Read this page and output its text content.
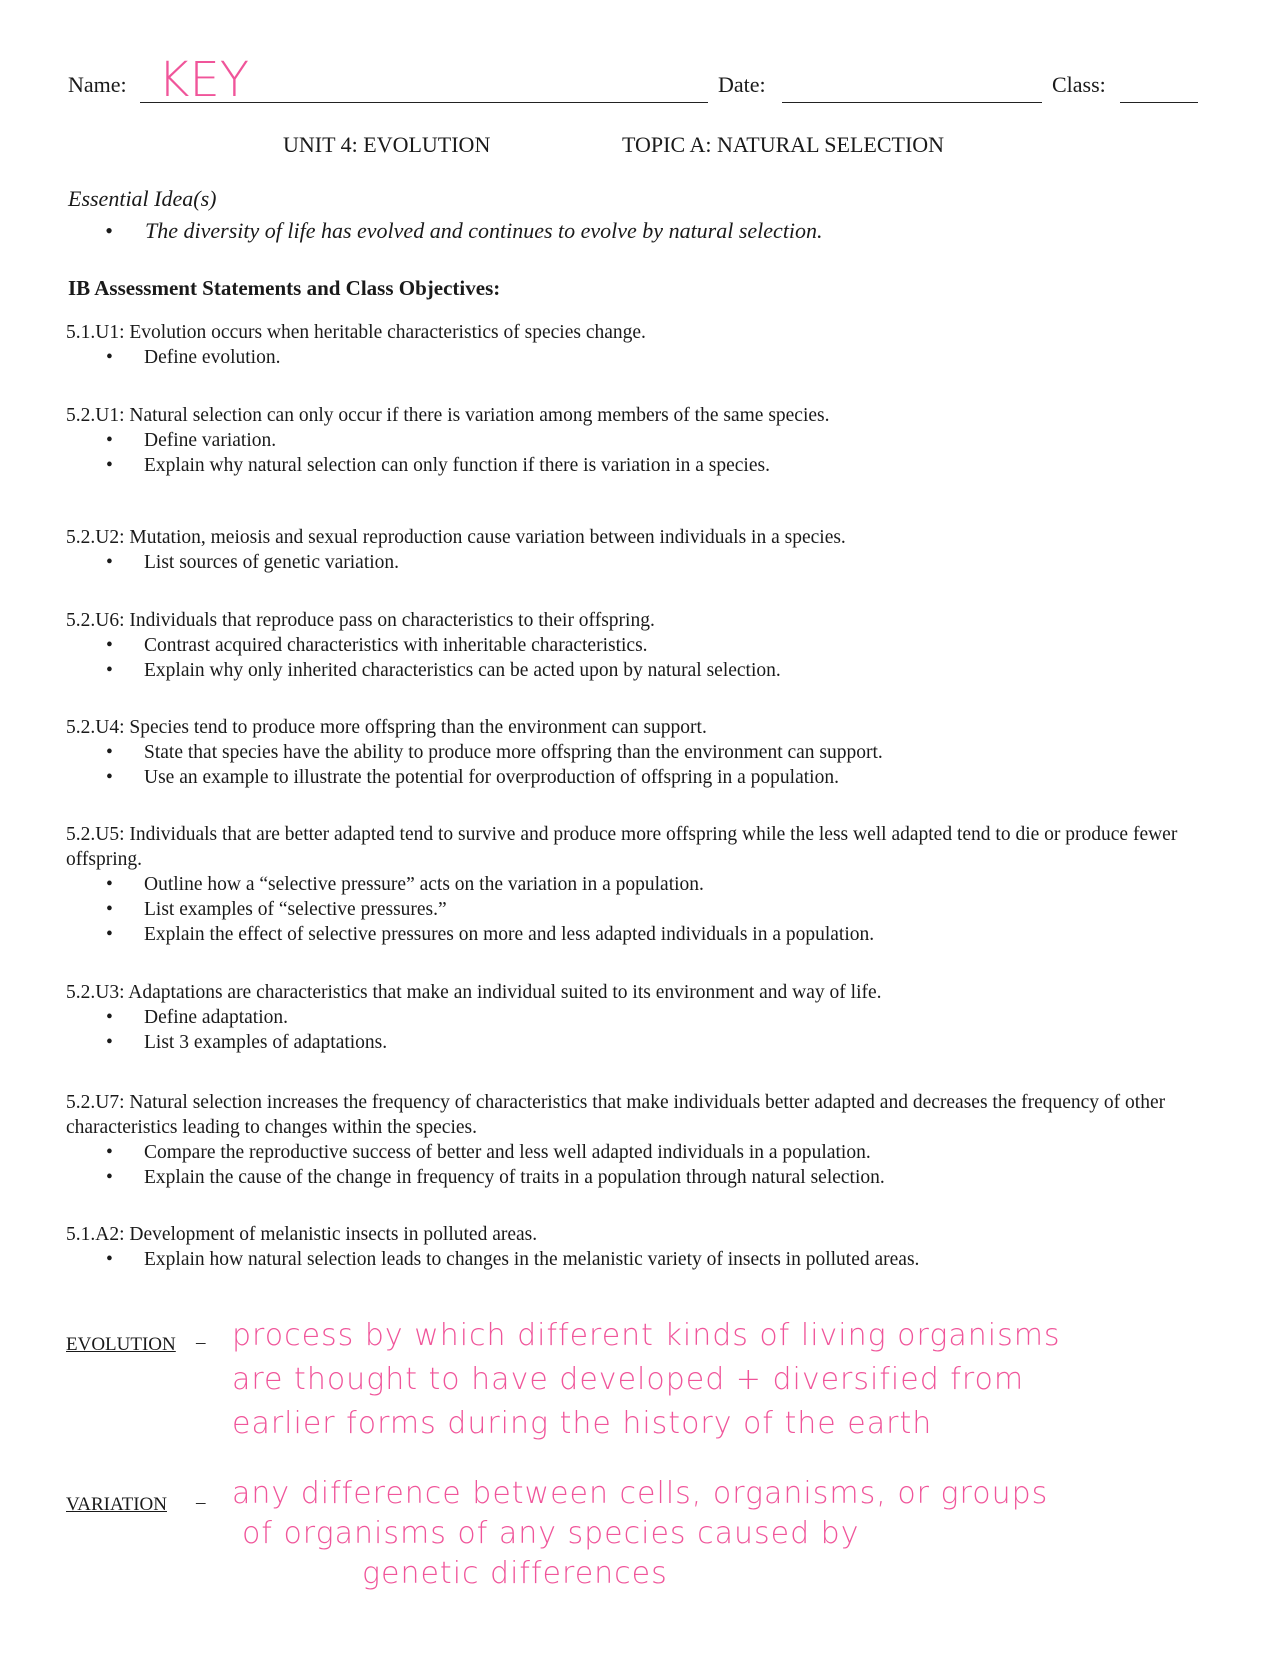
Name: KEY	Date:	Class:
UNIT 4: EVOLUTION	TOPIC A: NATURAL SELECTION
Essential Idea(s)
• The diversity of life has evolved and continues to evolve by natural selection.
IB Assessment Statements and Class Objectives:
5.1.U1: Evolution occurs when heritable characteristics of species change.
• Define evolution.
5.2.U1: Natural selection can only occur if there is variation among members of the same species.
• Define variation.
• Explain why natural selection can only function if there is variation in a species.
5.2.U2: Mutation, meiosis and sexual reproduction cause variation between individuals in a species.
• List sources of genetic variation.
5.2.U6: Individuals that reproduce pass on characteristics to their offspring.
• Contrast acquired characteristics with inheritable characteristics.
• Explain why only inherited characteristics can be acted upon by natural selection.
5.2.U4: Species tend to produce more offspring than the environment can support.
• State that species have the ability to produce more offspring than the environment can support.
• Use an example to illustrate the potential for overproduction of offspring in a population.
5.2.U5: Individuals that are better adapted tend to survive and produce more offspring while the less well adapted tend to die or produce fewer offspring.
• Outline how a “selective pressure” acts on the variation in a population.
• List examples of “selective pressures.”
• Explain the effect of selective pressures on more and less adapted individuals in a population.
5.2.U3: Adaptations are characteristics that make an individual suited to its environment and way of life.
• Define adaptation.
• List 3 examples of adaptations.
5.2.U7: Natural selection increases the frequency of characteristics that make individuals better adapted and decreases the frequency of other characteristics leading to changes within the species.
• Compare the reproductive success of better and less well adapted individuals in a population.
• Explain the cause of the change in frequency of traits in a population through natural selection.
5.1.A2: Development of melanistic insects in polluted areas.
• Explain how natural selection leads to changes in the melanistic variety of insects in polluted areas.
EVOLUTION – process by which different kinds of living organisms
are thought to have developed + diversified from
earlier forms during the history of the earth
VARIATION – any difference between cells, organisms, or groups
of organisms of any species caused by
genetic differences
